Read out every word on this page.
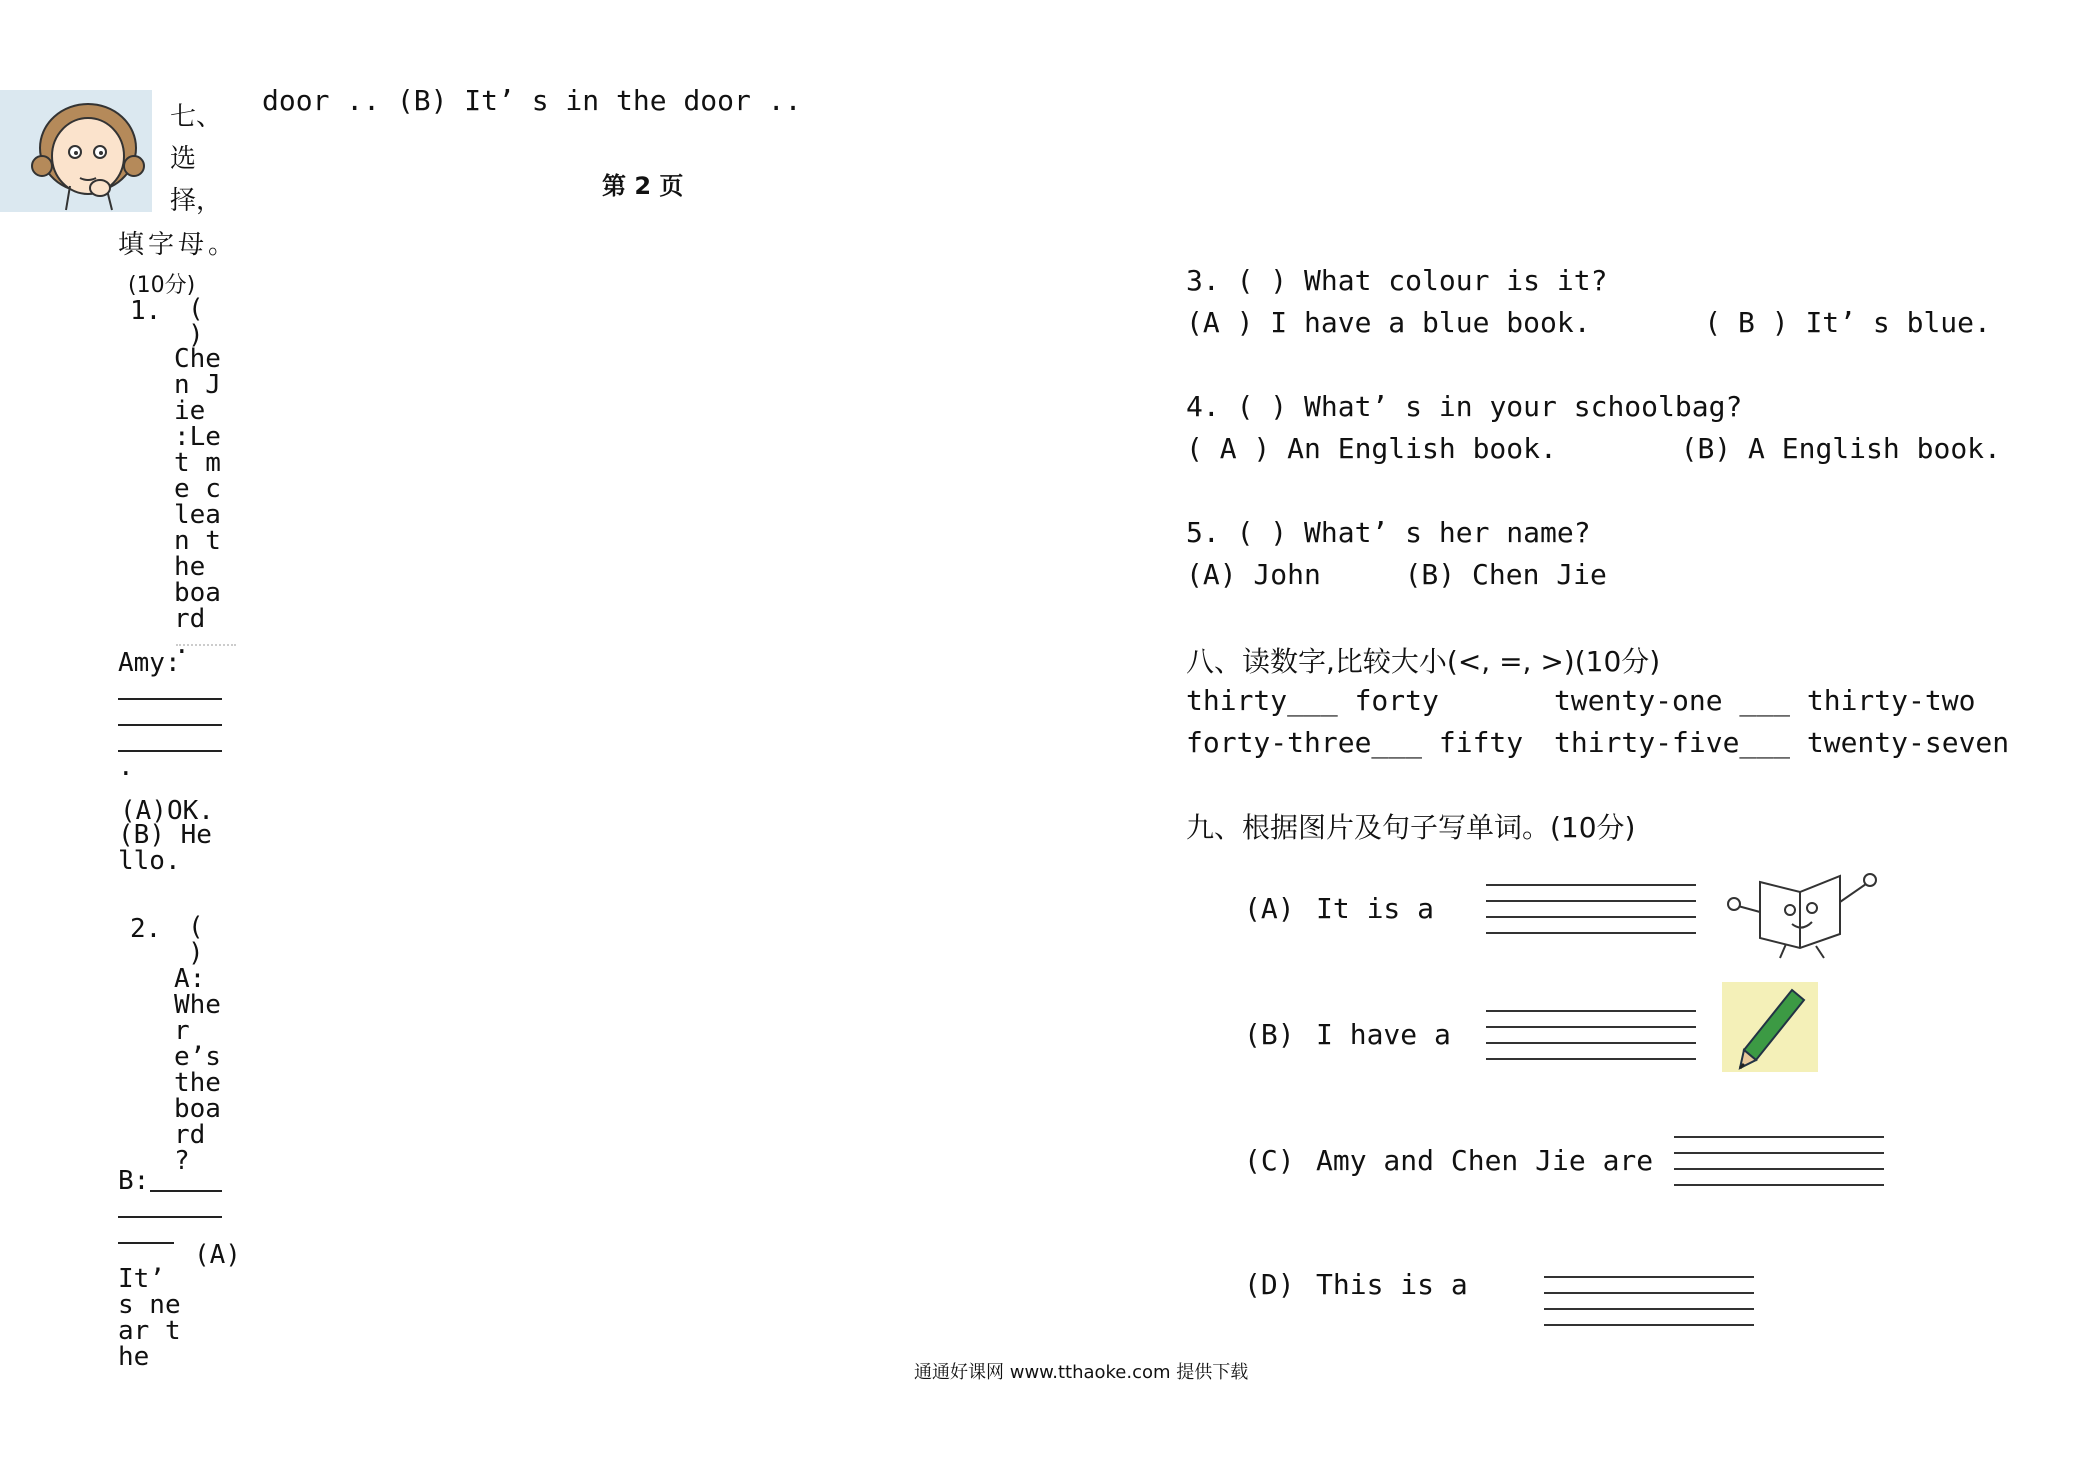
door .. (B) It’ s in the door ..
第 2 页
七、
选
择，
填字母。
(10分)
1. ( )
Chen Jie :Let me clean the board .
Amy:
.
(A)OK.
(B) Hello.
2. ( )
A: Where’s the board ?
B:
(A)
It’ s near the
3. ( ) What colour is it?
(A ) I have a blue book.	( B ) It’ s blue.
4. ( ) What’ s in your schoolbag?
( A ) An English book.	(B) A English book.
5. ( ) What’ s her name?
(A) John	(B) Chen Jie
八、读数字,比较大小(<, =, >)(10分)
thirty___ forty	twenty-one ___ thirty-two
forty-three___ fifty thirty-five___ twenty-seven
九、根据图片及句子写单词。(10分)
(A) It is a
(B) I have a
(C) Amy and Chen Jie are
(D) This is a
通通好课网 www.tthaoke.com 提供下载
